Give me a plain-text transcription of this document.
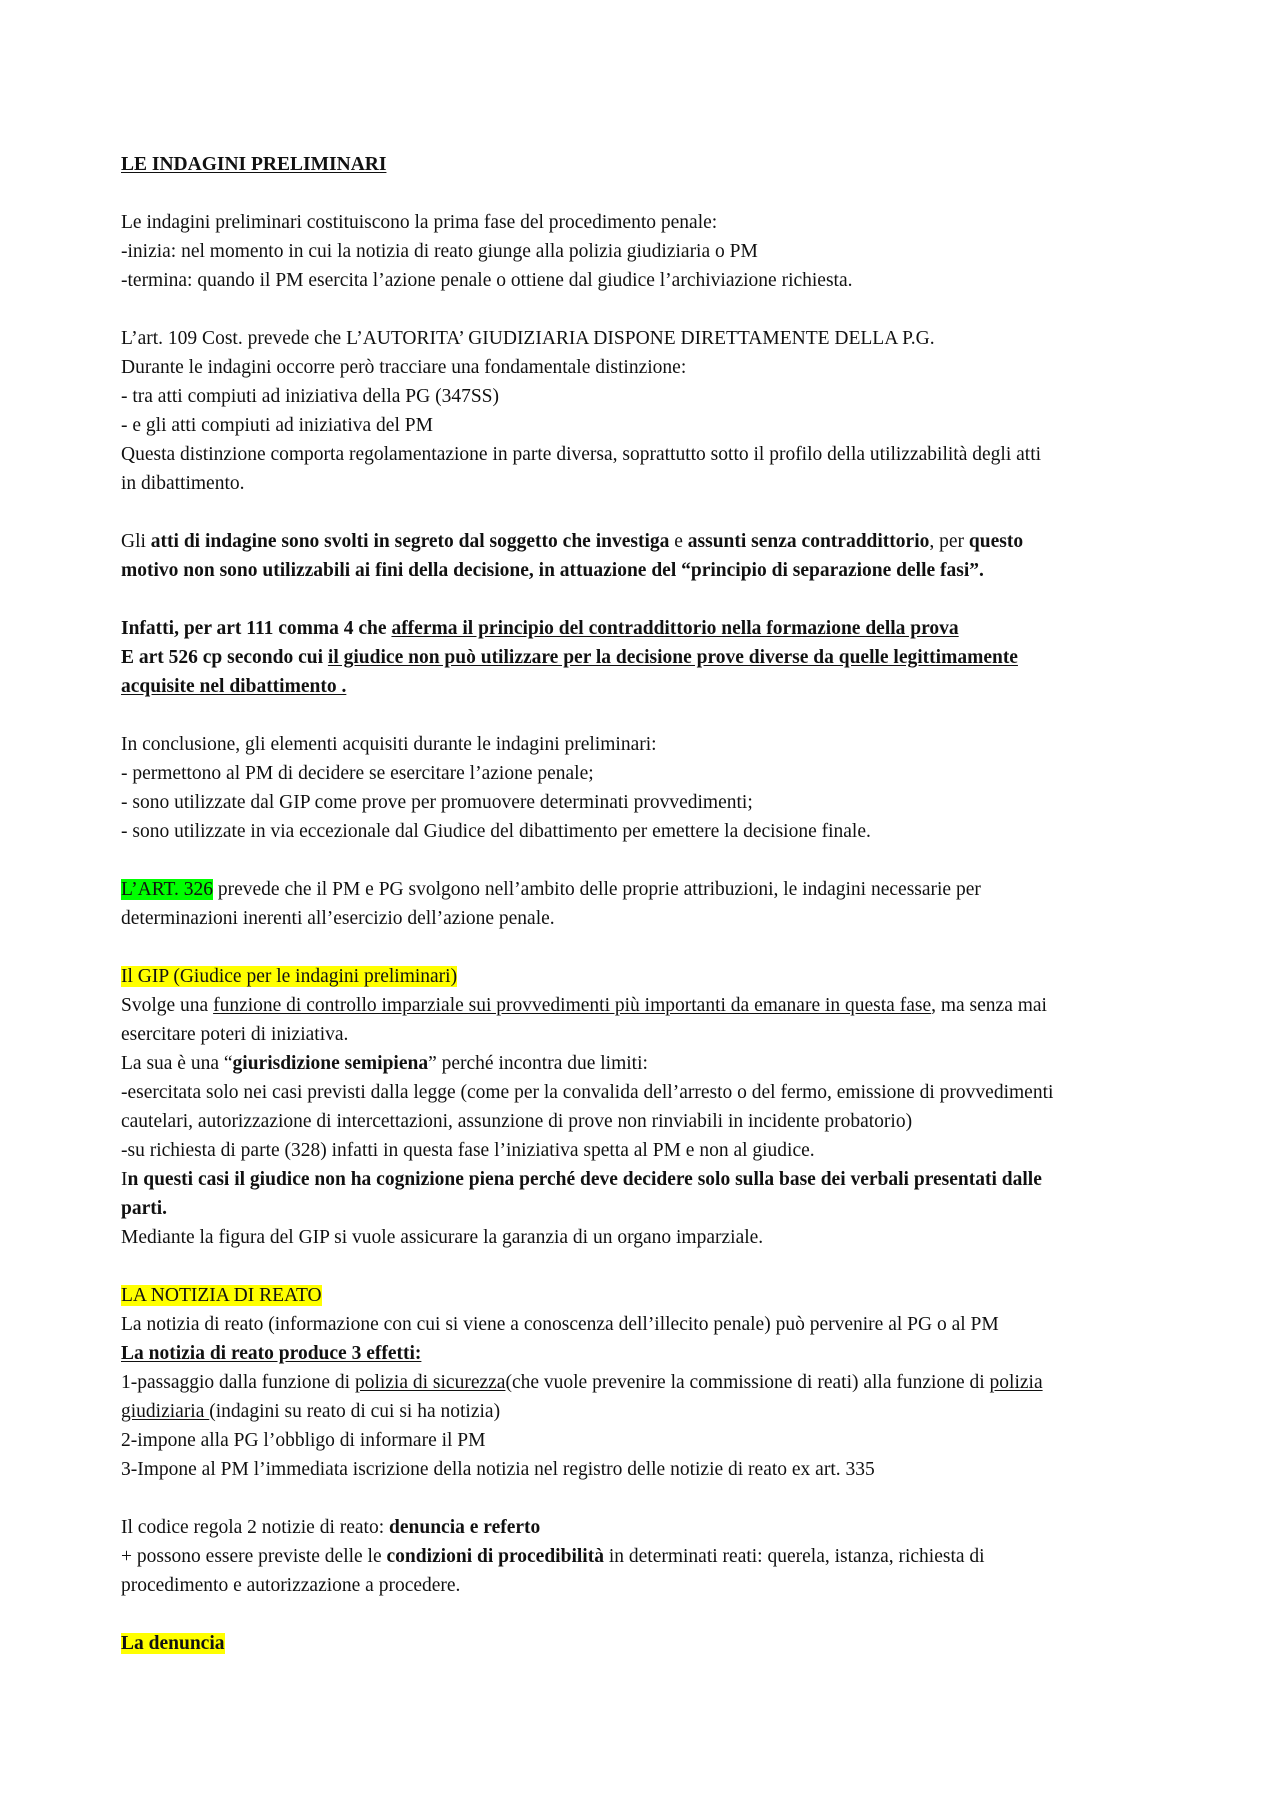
LE INDAGINI PRELIMINARI
Le indagini preliminari costituiscono la prima fase del procedimento penale:
-inizia: nel momento in cui la notizia di reato giunge alla polizia giudiziaria o PM
-termina: quando il PM esercita l’azione penale o ottiene dal giudice l’archiviazione richiesta.
L’art. 109 Cost. prevede che L’AUTORITA’ GIUDIZIARIA DISPONE DIRETTAMENTE DELLA P.G.
Durante le indagini occorre però tracciare una fondamentale distinzione:
- tra atti compiuti ad iniziativa della PG (347SS)
- e gli atti compiuti ad iniziativa del PM
Questa distinzione comporta regolamentazione in parte diversa, soprattutto sotto il profilo della utilizzabilità degli atti
in dibattimento.
Gli atti di indagine sono svolti in segreto dal soggetto che investiga e assunti senza contraddittorio, per questo
motivo non sono utilizzabili ai fini della decisione, in attuazione del “principio di separazione delle fasi”.
Infatti, per art 111 comma 4 che afferma il principio del contraddittorio nella formazione della prova
E art 526 cp secondo cui il giudice non può utilizzare per la decisione prove diverse da quelle legittimamente
acquisite nel dibattimento .
In conclusione, gli elementi acquisiti durante le indagini preliminari:
- permettono al PM di decidere se esercitare l’azione penale;
- sono utilizzate dal GIP come prove per promuovere determinati provvedimenti;
- sono utilizzate in via eccezionale dal Giudice del dibattimento per emettere la decisione finale.
L’ART. 326 prevede che il PM e PG svolgono nell’ambito delle proprie attribuzioni, le indagini necessarie per
determinazioni inerenti all’esercizio dell’azione penale.
Il GIP (Giudice per le indagini preliminari)
Svolge una funzione di controllo imparziale sui provvedimenti più importanti da emanare in questa fase, ma senza mai
esercitare poteri di iniziativa.
La sua è una “giurisdizione semipiena” perché incontra due limiti:
-esercitata solo nei casi previsti dalla legge (come per la convalida dell’arresto o del fermo, emissione di provvedimenti
cautelari, autorizzazione di intercettazioni, assunzione di prove non rinviabili in incidente probatorio)
-su richiesta di parte (328) infatti in questa fase l’iniziativa spetta al PM e non al giudice.
In questi casi il giudice non ha cognizione piena perché deve decidere solo sulla base dei verbali presentati dalle
parti.
Mediante la figura del GIP si vuole assicurare la garanzia di un organo imparziale.
LA NOTIZIA DI REATO
La notizia di reato (informazione con cui si viene a conoscenza dell’illecito penale) può pervenire al PG o al PM
La notizia di reato produce 3 effetti:
1-passaggio dalla funzione di polizia di sicurezza(che vuole prevenire la commissione di reati) alla funzione di polizia
giudiziaria (indagini su reato di cui si ha notizia)
2-impone alla PG l’obbligo di informare il PM
3-Impone al PM l’immediata iscrizione della notizia nel registro delle notizie di reato ex art. 335
Il codice regola 2 notizie di reato: denuncia e referto
+ possono essere previste delle le condizioni di procedibilità in determinati reati: querela, istanza, richiesta di
procedimento e autorizzazione a procedere.
La denuncia
